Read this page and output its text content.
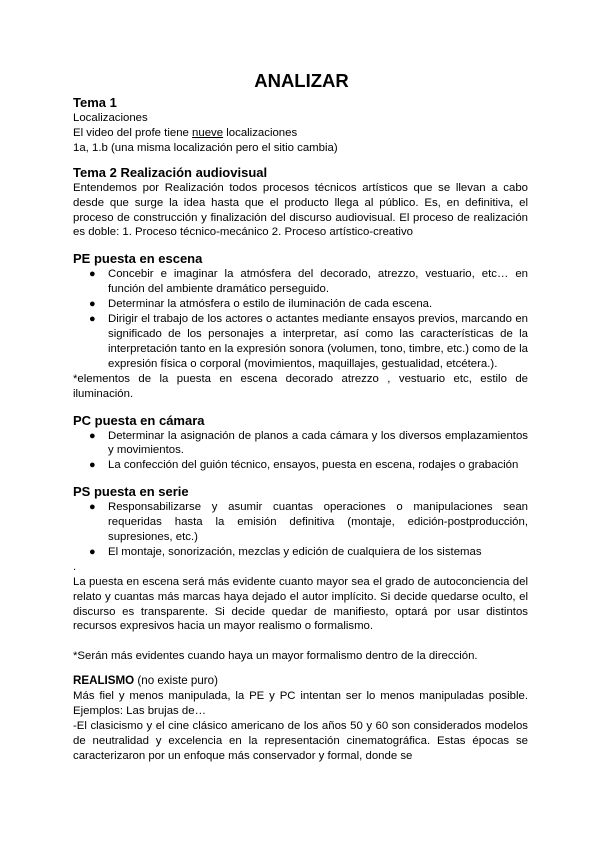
ANALIZAR
Tema 1

Localizaciones

El video del profe tiene nueve localizaciones

1a, 1.b (una misma localización pero el sitio cambia)

Tema 2 Realización audiovisual

Entendemos por Realización todos procesos técnicos artísticos que se llevan a cabo desde que surge la idea hasta que el producto llega al público. Es, en definitiva, el proceso de construcción y finalización del discurso audiovisual. El proceso de realización es doble: 1. Proceso técnico-mecánico 2. Proceso artístico-creativo

PE puesta en escena
● Concebir e imaginar la atmósfera del decorado, atrezzo, vestuario, etc… en función del ambiente dramático perseguido.
● Determinar la atmósfera o estilo de iluminación de cada escena.
● Dirigir el trabajo de los actores o actantes mediante ensayos previos, marcando en significado de los personajes a interpretar, así como las características de la interpretación tanto en la expresión sonora (volumen, tono, timbre, etc.) como de la expresión física o corporal (movimientos, maquillajes, gestualidad, etcétera.).

*elementos de la puesta en escena decorado atrezzo , vestuario etc, estilo de iluminación.

PC puesta en cámara
● Determinar la asignación de planos a cada cámara y los diversos emplazamientos y movimientos.
● La confección del guión técnico, ensayos, puesta en escena, rodajes o grabación
PS puesta en serie
● Responsabilizarse y asumir cuantas operaciones o manipulaciones sean requeridas hasta la emisión definitiva (montaje, edición-postproducción, supresiones, etc.)
● El montaje, sonorización, mezclas y edición de cualquiera de los sistemas

.

La puesta en escena será más evidente cuanto mayor sea el grado de autoconciencia del relato y cuantas más marcas haya dejado el autor implícito. Si decide quedarse oculto, el discurso es transparente. Si decide quedar de manifiesto, optará por usar distintos recursos expresivos hacia un mayor realismo o formalismo.

*Serán más evidentes cuando haya un mayor formalismo dentro de la dirección.

REALISMO (no existe puro)

Más fiel y menos manipulada, la PE y PC intentan ser lo menos manipuladas posible. Ejemplos: Las brujas de…

-El clasicismo y el cine clásico americano de los años 50 y 60 son considerados modelos de neutralidad y excelencia en la representación cinematográfica. Estas épocas se caracterizaron por un enfoque más conservador y formal, donde se
